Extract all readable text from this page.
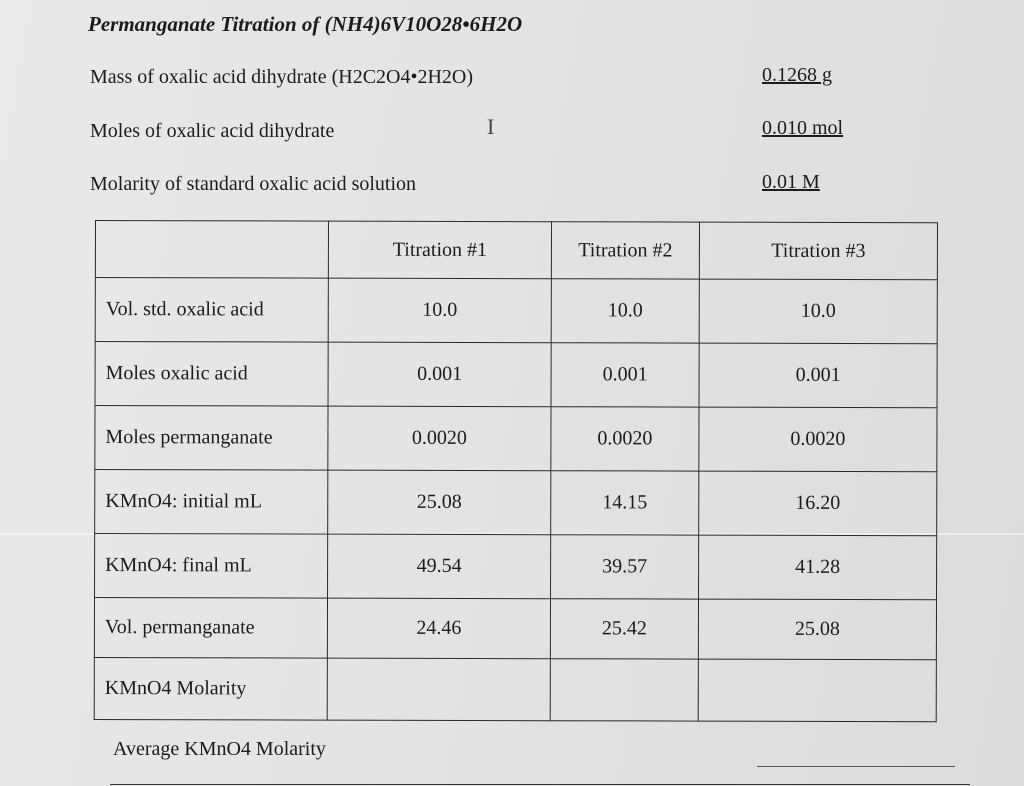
Permanganate Titration of (NH4)6V10O28•6H2O
Mass of oxalic acid dihydrate (H2C2O4•2H2O)	0.1268 g
Moles of oxalic acid dihydrate	0.010 mol
Molarity of standard oxalic acid solution	0.01 M
I
	Titration #1	Titration #2	Titration #3
Vol. std. oxalic acid	10.0	10.0	10.0
Moles oxalic acid	0.001	0.001	0.001
Moles permanganate	0.0020	0.0020	0.0020
KMnO4: initial mL	25.08	14.15	16.20
KMnO4: final mL	49.54	39.57	41.28
Vol. permanganate	24.46	25.42	25.08
KMnO4 Molarity			
Average KMnO4 Molarity
